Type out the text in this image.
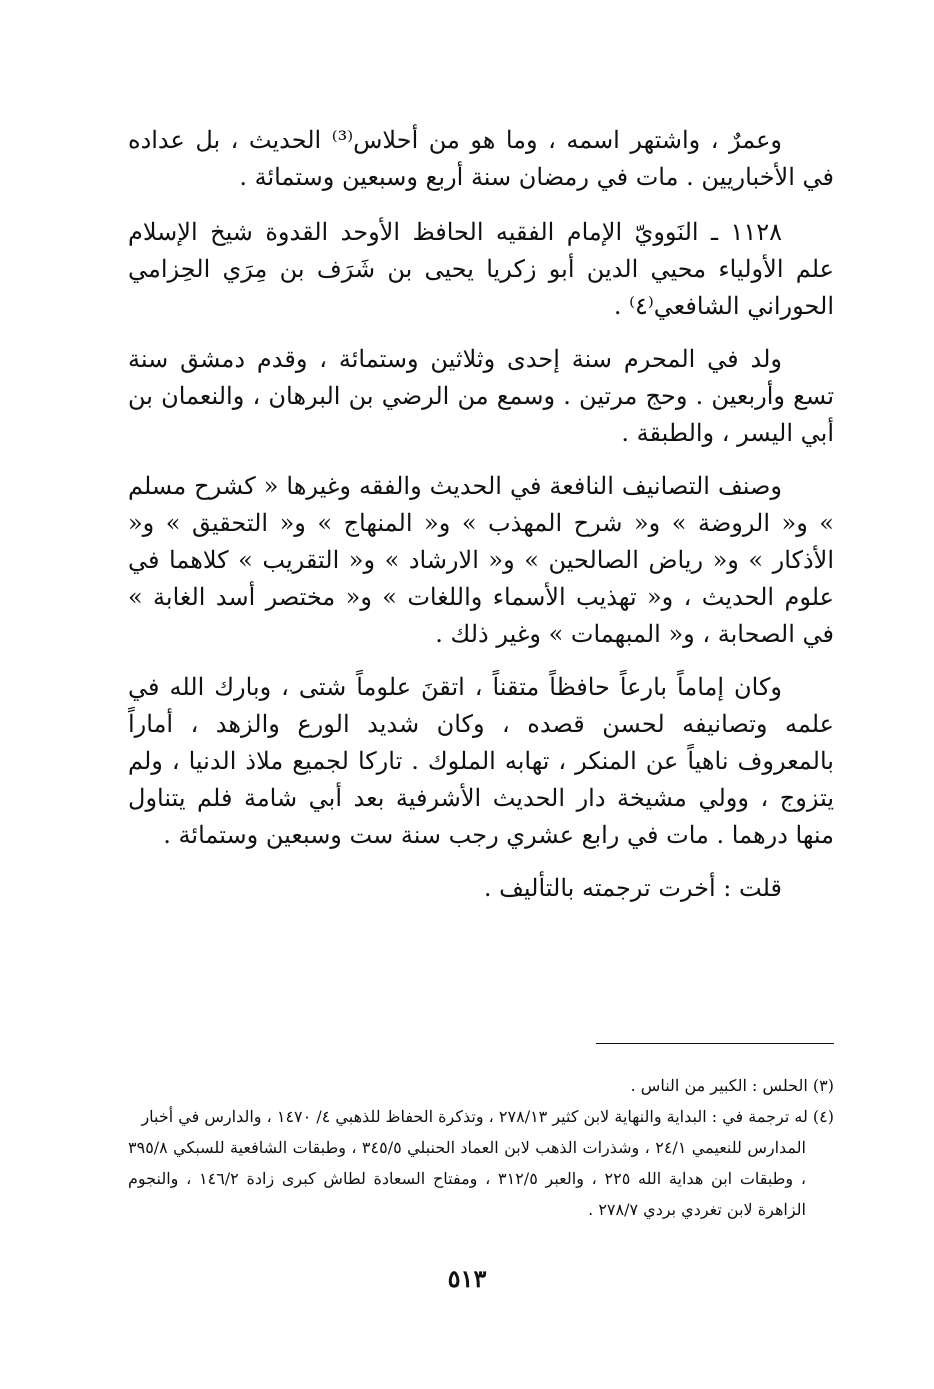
وعمرٌ ، واشتهر اسمه ، وما هو من أحلاس⁽³⁾ الحديث ، بل عداده في الأخباريين . مات في رمضان سنة أربع وسبعين وستمائة .

١١٢٨ ـ النَوويّ الإمام الفقيه الحافظ الأوحد القدوة شيخ الإسلام علم الأولياء محيي الدين أبو زكريا يحيى بن شَرَف بن مِرَي الحِزامي الحوراني الشافعي⁽٤⁾ .

ولد في المحرم سنة إحدى وثلاثين وستمائة ، وقدم دمشق سنة تسع وأربعين . وحج مرتين . وسمع من الرضي بن البرهان ، والنعمان بن أبي اليسر ، والطبقة .

وصنف التصانيف النافعة في الحديث والفقه وغيرها « كشرح مسلم » و« الروضة » و« شرح المهذب » و« المنهاج » و« التحقيق » و« الأذكار » و« رياض الصالحين » و« الارشاد » و« التقريب » كلاهما في علوم الحديث ، و« تهذيب الأسماء واللغات » و« مختصر أسد الغابة » في الصحابة ، و« المبهمات » وغير ذلك .

وكان إماماً بارعاً حافظاً متقناً ، اتقنَ علوماً شتى ، وبارك الله في علمه وتصانيفه لحسن قصده ، وكان شديد الورع والزهد ، أماراً بالمعروف ناهياً عن المنكر ، تهابه الملوك . تاركا لجميع ملاذ الدنيا ، ولم يتزوج ، وولي مشيخة دار الحديث الأشرفية بعد أبي شامة فلم يتناول منها درهما . مات في رابع عشري رجب سنة ست وسبعين وستمائة .

قلت : أخرت ترجمته بالتأليف .

(٣) الحلس : الكبير من الناس .

(٤) له ترجمة في : البداية والنهاية لابن كثير ٢٧٨/١٣ ، وتذكرة الحفاظ للذهبي ٤/ ١٤٧٠ ، والدارس في أخبار

المدارس للنعيمي ٢٤/١ ، وشذرات الذهب لابن العماد الحنبلي ٣٤٥/٥ ، وطبقات الشافعية للسبكي ٣٩٥/٨ ، وطبقات ابن هداية الله ٢٢٥ ، والعبر ٣١٢/٥ ، ومفتاح السعادة لطاش كبرى زادة ١٤٦/٢ ، والنجوم الزاهرة لابن تغردي بردي ٢٧٨/٧ .

٥١٣
